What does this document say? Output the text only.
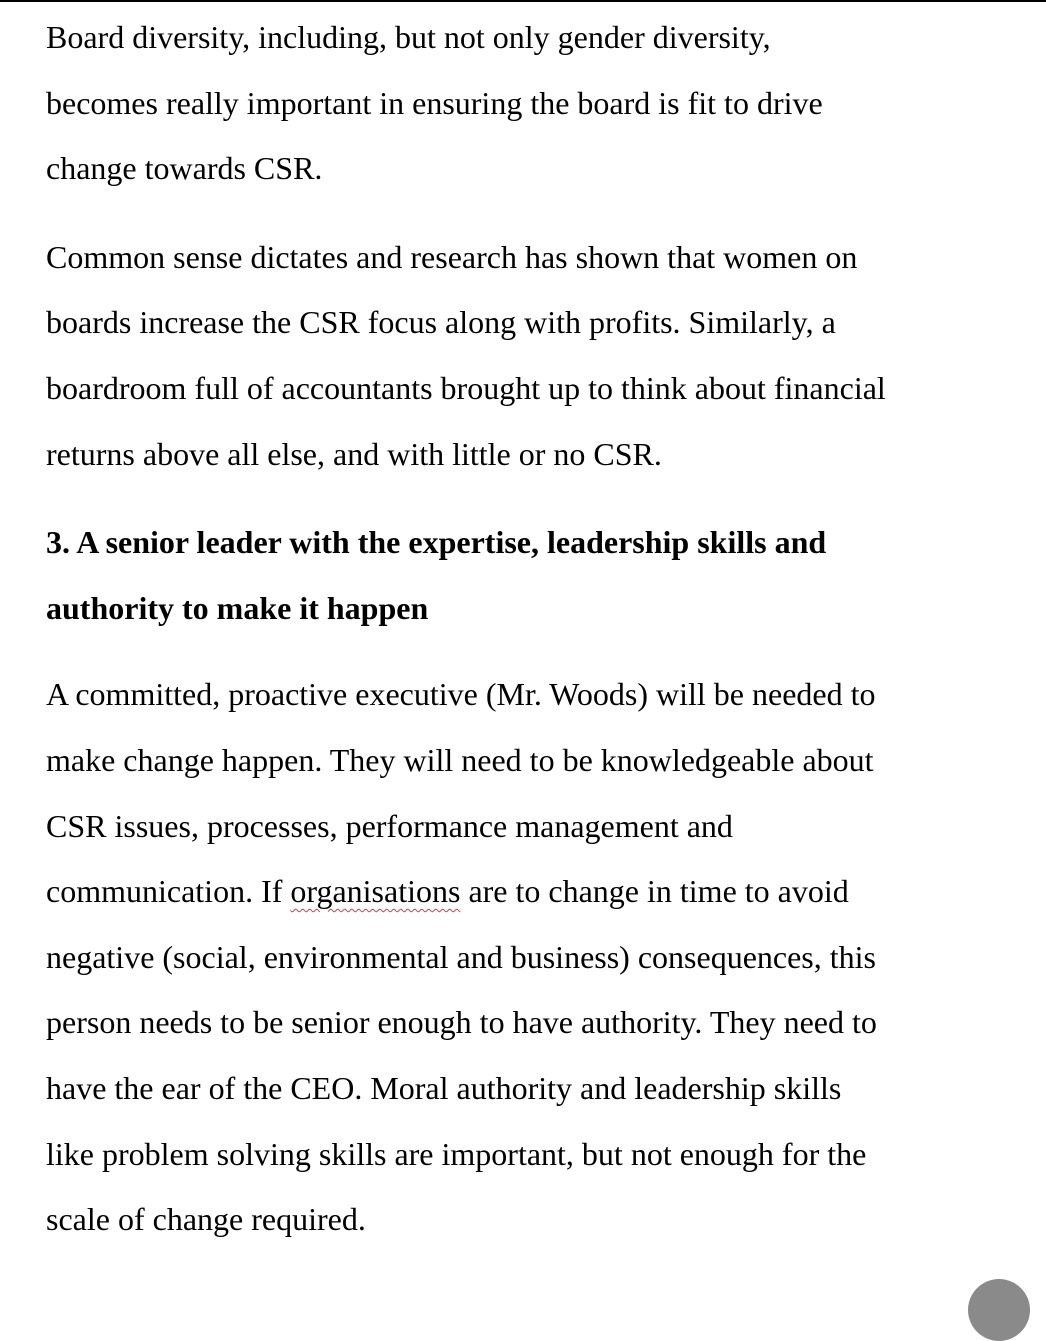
Board diversity, including, but not only gender diversity,
becomes really important in ensuring the board is fit to drive
change towards CSR.

Common sense dictates and research has shown that women on
boards increase the CSR focus along with profits. Similarly, a
boardroom full of accountants brought up to think about financial
returns above all else, and with little or no CSR.

3. A senior leader with the expertise, leadership skills and
authority to make it happen

A committed, proactive executive (Mr. Woods) will be needed to
make change happen. They will need to be knowledgeable about
CSR issues, processes, performance management and
communication. If organisations are to change in time to avoid
negative (social, environmental and business) consequences, this
person needs to be senior enough to have authority. They need to
have the ear of the CEO. Moral authority and leadership skills
like problem solving skills are important, but not enough for the
scale of change required.
